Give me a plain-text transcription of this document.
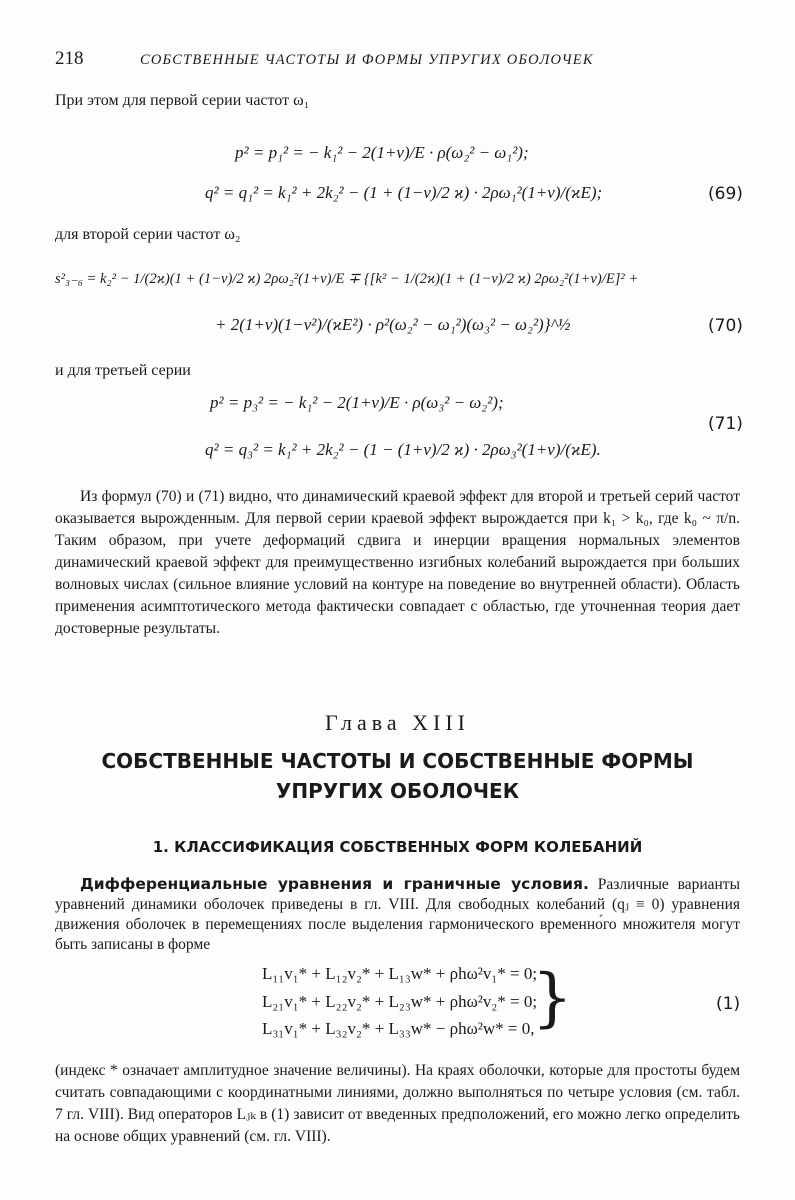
218	СОБСТВЕННЫЕ ЧАСТОТЫ И ФОРМЫ УПРУГИХ ОБОЛОЧЕК
При этом для первой серии частот ω₁
p² = p₁² = − k₁² − 2(1+ν)/E · ρ(ω₂² − ω₁²);
q² = q₁² = k₁² + 2k₂² − (1 + (1−ν)/2 ϰ) · 2ρω₁²(1+ν)/(ϰE);	(69)
для второй серии частот ω₂
s²₃₋₆ = k₂² − 1/(2ϰ)(1 + (1−ν)/2 ϰ) 2ρω₂²(1+ν)/E ∓ {[k² − 1/(2ϰ)(1 + (1−ν)/2 ϰ) 2ρω₂²(1+ν)/E]² +
+ 2(1+ν)(1−ν²)/(ϰE²) · ρ²(ω₂² − ω₁²)(ω₃² − ω₂²)}^½	(70)
и для третьей серии
p² = p₃² = − k₁² − 2(1+ν)/E · ρ(ω₃² − ω₂²);
q² = q₃² = k₁² + 2k₂² − (1 − (1+ν)/2 ϰ) · 2ρω₃²(1+ν)/(ϰE).
(71)

Из формул (70) и (71) видно, что динамический краевой эффект для второй и третьей серий частот оказывается вырожденным. Для первой серии краевой эффект вырождается при k₁ > k₀, где k₀ ~ π/n. Таким образом, при учете деформаций сдвига и инерции вращения нормальных элементов динамический краевой эффект для преимущественно изгибных колебаний вырождается при больших волновых числах (сильное влияние условий на контуре на поведение во внутренней области). Область применения асимптотического метода фактически совпадает с областью, где уточненная теория дает достоверные результаты.

Глава XIII
СОБСТВЕННЫЕ ЧАСТОТЫ И СОБСТВЕННЫЕ ФОРМЫ
УПРУГИХ ОБОЛОЧЕК
1. КЛАССИФИКАЦИЯ СОБСТВЕННЫХ ФОРМ КОЛЕБАНИЙ

Дифференциальные уравнения и граничные условия. Различные варианты уравнений динамики оболочек приведены в гл. VIII. Для свободных колебаний (qⱼ ≡ 0) уравнения движения оболочек в перемещениях после выделения гармонического временно́го множителя могут быть записаны в форме

L₁₁v₁* + L₁₂v₂* + L₁₃w* + ρhω²v₁* = 0;
L₂₁v₁* + L₂₂v₂* + L₂₃w* + ρhω²v₂* = 0;
L₃₁v₁* + L₃₂v₂* + L₃₃w* − ρhω²w* = 0,
}	(1)

(индекс * означает амплитудное значение величины). На краях оболочки, которые для простоты будем считать совпадающими с координатными линиями, должно выполняться по четыре условия (см. табл. 7 гл. VIII). Вид операторов Lⱼₖ в (1) зависит от введенных предположений, его можно легко определить на основе общих уравнений (см. гл. VIII).
